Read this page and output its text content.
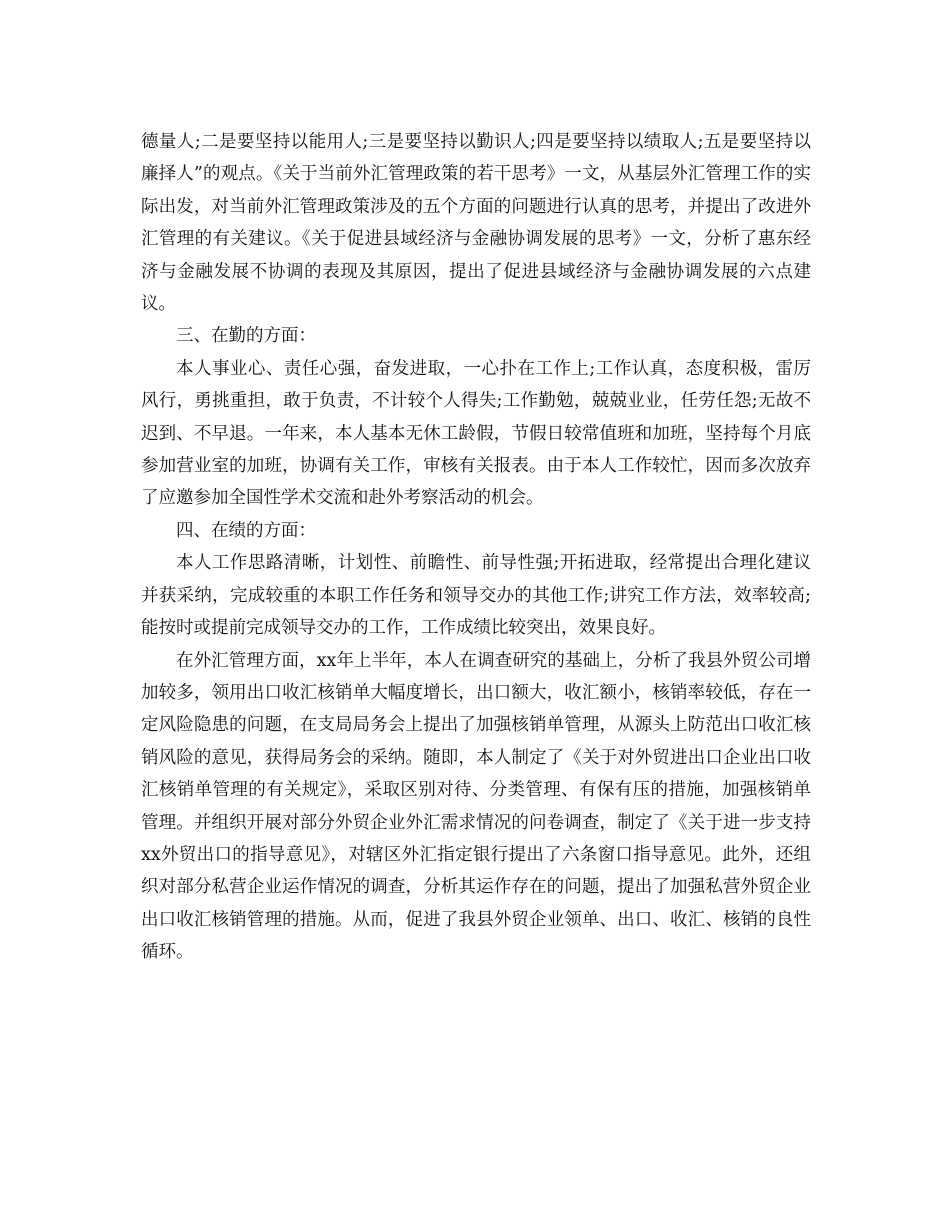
德量人;二是要坚持以能用人;三是要坚持以勤识人;四是要坚持以绩取人;五是要坚持以廉择人”的观点。《关于当前外汇管理政策的若干思考》一文，从基层外汇管理工作的实际出发，对当前外汇管理政策涉及的五个方面的问题进行认真的思考，并提出了改进外汇管理的有关建议。《关于促进县域经济与金融协调发展的思考》一文，分析了惠东经济与金融发展不协调的表现及其原因，提出了促进县域经济与金融协调发展的六点建议。

三、在勤的方面：

本人事业心、责任心强，奋发进取，一心扑在工作上;工作认真，态度积极，雷厉风行，勇挑重担，敢于负责，不计较个人得失;工作勤勉，兢兢业业，任劳任怨;无故不迟到、不早退。一年来，本人基本无休工龄假，节假日较常值班和加班，坚持每个月底参加营业室的加班，协调有关工作，审核有关报表。由于本人工作较忙，因而多次放弃了应邀参加全国性学术交流和赴外考察活动的机会。

四、在绩的方面：

本人工作思路清晰，计划性、前瞻性、前导性强;开拓进取，经常提出合理化建议并获采纳，完成较重的本职工作任务和领导交办的其他工作;讲究工作方法，效率较高;能按时或提前完成领导交办的工作，工作成绩比较突出，效果良好。

在外汇管理方面，xx年上半年，本人在调查研究的基础上，分析了我县外贸公司增加较多，领用出口收汇核销单大幅度增长，出口额大，收汇额小，核销率较低，存在一定风险隐患的问题，在支局局务会上提出了加强核销单管理，从源头上防范出口收汇核销风险的意见，获得局务会的采纳。随即，本人制定了《关于对外贸进出口企业出口收汇核销单管理的有关规定》，采取区别对待、分类管理、有保有压的措施，加强核销单管理。并组织开展对部分外贸企业外汇需求情况的问卷调查，制定了《关于进一步支持xx外贸出口的指导意见》，对辖区外汇指定银行提出了六条窗口指导意见。此外，还组织对部分私营企业运作情况的调查，分析其运作存在的问题，提出了加强私营外贸企业出口收汇核销管理的措施。从而，促进了我县外贸企业领单、出口、收汇、核销的良性循环。
